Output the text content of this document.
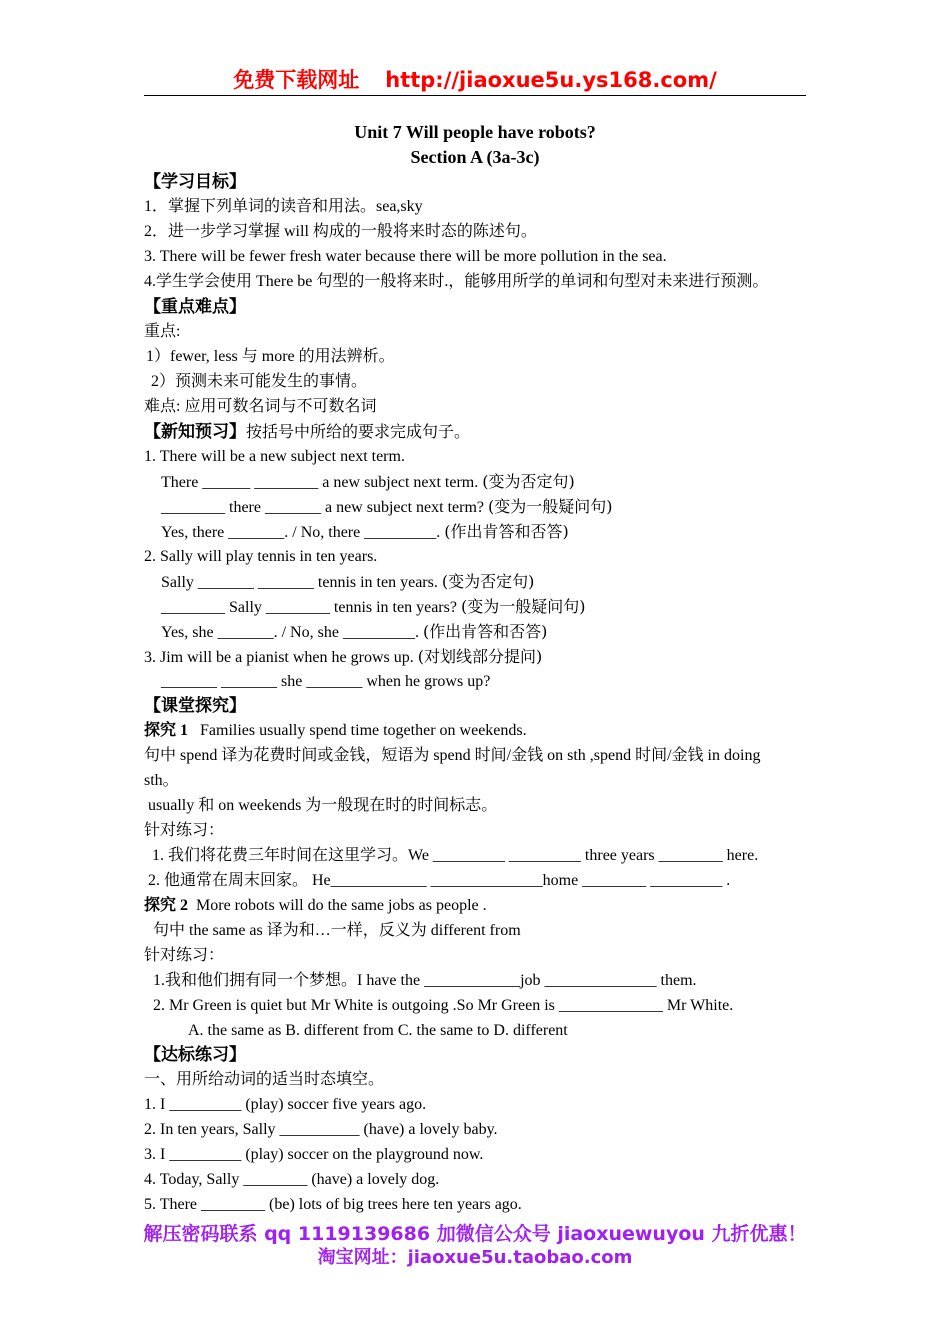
免费下载网址 http://jiaoxue5u.ys168.com/
Unit 7 Will people have robots?
Section A (3a-3c)
【学习目标】
1．掌握下列单词的读音和用法。sea,sky
2．进一步学习掌握 will 构成的一般将来时态的陈述句。
3. There will be fewer fresh water because there will be more pollution in the sea.
4.学生学会使用 There be 句型的一般将来时.，能够用所学的单词和句型对未来进行预测。
【重点难点】
重点:
1）fewer, less 与 more 的用法辨析。
2）预测未来可能发生的事情。
难点: 应用可数名词与不可数名词
【新知预习】按括号中所给的要求完成句子。
1. There will be a new subject next term.
There ______ ________ a new subject next term. (变为否定句)
________ there _______ a new subject next term? (变为一般疑问句)
Yes, there _______. / No, there _________. (作出肯答和否答)
2. Sally will play tennis in ten years.
Sally _______ _______ tennis in ten years. (变为否定句)
________ Sally ________ tennis in ten years? (变为一般疑问句)
Yes, she _______. / No, she _________. (作出肯答和否答)
3. Jim will be a pianist when he grows up. (对划线部分提问)
_______ _______ she _______ when he grows up?
【课堂探究】
探究 1 Families usually spend time together on weekends.
句中 spend 译为花费时间或金钱，短语为 spend 时间/金钱 on sth ,spend 时间/金钱 in doing
sth。
usually 和 on weekends 为一般现在时的时间标志。
针对练习：
1. 我们将花费三年时间在这里学习。We _________ _________ three years ________ here.
2. 他通常在周末回家。 He____________ ______________home ________ _________ .
探究 2 More robots will do the same jobs as people .
句中 the same as 译为和…一样，反义为 different from
针对练习：
1.我和他们拥有同一个梦想。I have the ____________job ______________ them.
2. Mr Green is quiet but Mr White is outgoing .So Mr Green is _____________ Mr White.
A. the same as B. different from C. the same to D. different
【达标练习】
一、用所给动词的适当时态填空。
1. I _________ (play) soccer five years ago.
2. In ten years, Sally __________ (have) a lovely baby.
3. I _________ (play) soccer on the playground now.
4. Today, Sally ________ (have) a lovely dog.
5. There ________ (be) lots of big trees here ten years ago.
解压密码联系 qq 1119139686 加微信公众号 jiaoxuewuyou 九折优惠！
淘宝网址：jiaoxue5u.taobao.com
